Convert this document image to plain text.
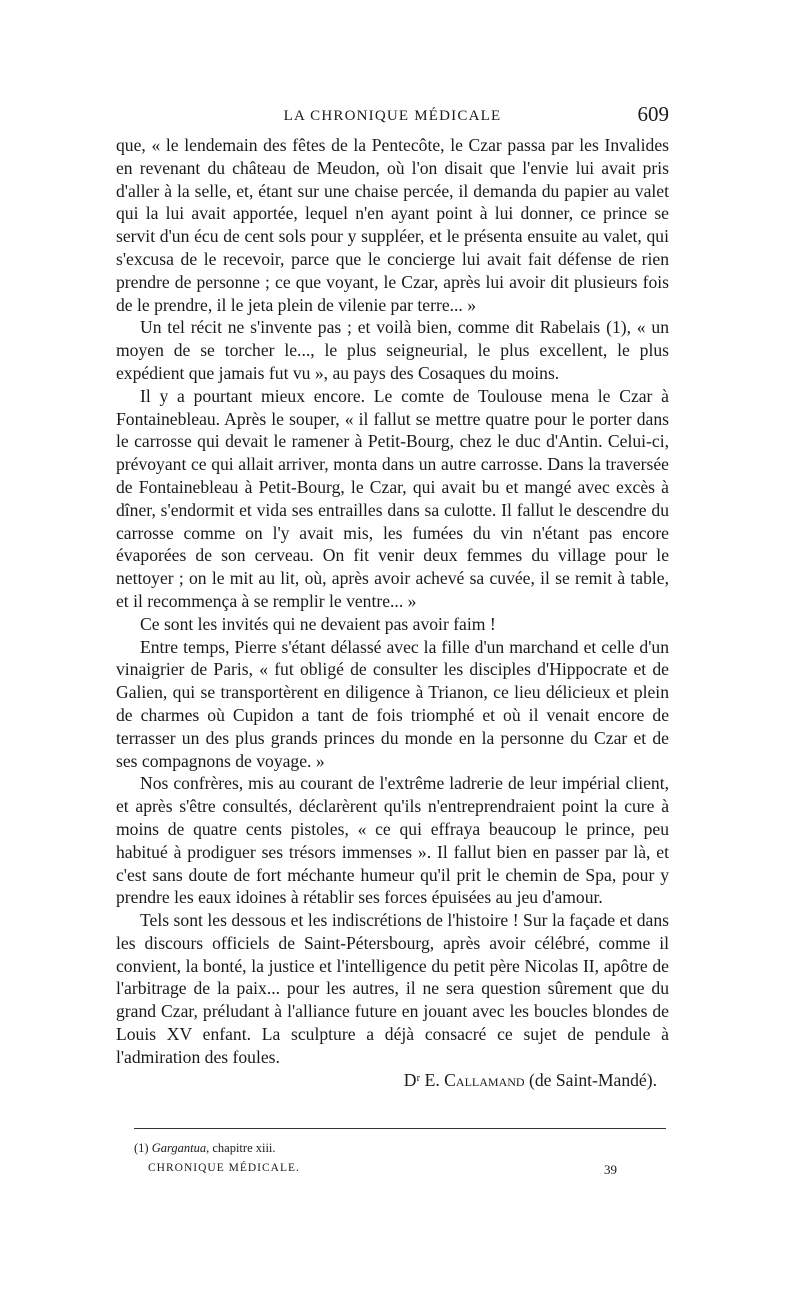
LA CHRONIQUE MÉDICALE	609

que, « le lendemain des fêtes de la Pentecôte, le Czar passa par les Invalides en revenant du château de Meudon, où l'on disait que l'envie lui avait pris d'aller à la selle, et, étant sur une chaise percée, il demanda du papier au valet qui la lui avait apportée, lequel n'en ayant point à lui donner, ce prince se servit d'un écu de cent sols pour y suppléer, et le présenta ensuite au valet, qui s'excusa de le recevoir, parce que le concierge lui avait fait défense de rien prendre de personne ; ce que voyant, le Czar, après lui avoir dit plusieurs fois de le prendre, il le jeta plein de vilenie par terre... »

Un tel récit ne s'invente pas ; et voilà bien, comme dit Rabelais (1), « un moyen de se torcher le..., le plus seigneurial, le plus excellent, le plus expédient que jamais fut vu », au pays des Cosaques du moins.

Il y a pourtant mieux encore. Le comte de Toulouse mena le Czar à Fontainebleau. Après le souper, « il fallut se mettre quatre pour le porter dans le carrosse qui devait le ramener à Petit-Bourg, chez le duc d'Antin. Celui-ci, prévoyant ce qui allait arriver, monta dans un autre carrosse. Dans la traversée de Fontainebleau à Petit-Bourg, le Czar, qui avait bu et mangé avec excès à dîner, s'endormit et vida ses entrailles dans sa culotte. Il fallut le descendre du carrosse comme on l'y avait mis, les fumées du vin n'étant pas encore évaporées de son cerveau. On fit venir deux femmes du village pour le nettoyer ; on le mit au lit, où, après avoir achevé sa cuvée, il se remit à table, et il recommença à se remplir le ventre... »

Ce sont les invités qui ne devaient pas avoir faim !

Entre temps, Pierre s'étant délassé avec la fille d'un marchand et celle d'un vinaigrier de Paris, « fut obligé de consulter les disciples d'Hippocrate et de Galien, qui se transportèrent en diligence à Trianon, ce lieu délicieux et plein de charmes où Cupidon a tant de fois triomphé et où il venait encore de terrasser un des plus grands princes du monde en la personne du Czar et de ses compagnons de voyage. »

Nos confrères, mis au courant de l'extrême ladrerie de leur impérial client, et après s'être consultés, déclarèrent qu'ils n'entreprendraient point la cure à moins de quatre cents pistoles, « ce qui effraya beaucoup le prince, peu habitué à prodiguer ses trésors immenses ». Il fallut bien en passer par là, et c'est sans doute de fort méchante humeur qu'il prit le chemin de Spa, pour y prendre les eaux idoines à rétablir ses forces épuisées au jeu d'amour.

Tels sont les dessous et les indiscrétions de l'histoire ! Sur la façade et dans les discours officiels de Saint-Pétersbourg, après avoir célébré, comme il convient, la bonté, la justice et l'intelligence du petit père Nicolas II, apôtre de l'arbitrage de la paix... pour les autres, il ne sera question sûrement que du grand Czar, préludant à l'alliance future en jouant avec les boucles blondes de Louis XV enfant. La sculpture a déjà consacré ce sujet de pendule à l'admiration des foules.

Dʳ E. Callamand (de Saint-Mandé).

(1) Gargantua, chapitre xiii.
CHRONIQUE MÉDICALE.	39
